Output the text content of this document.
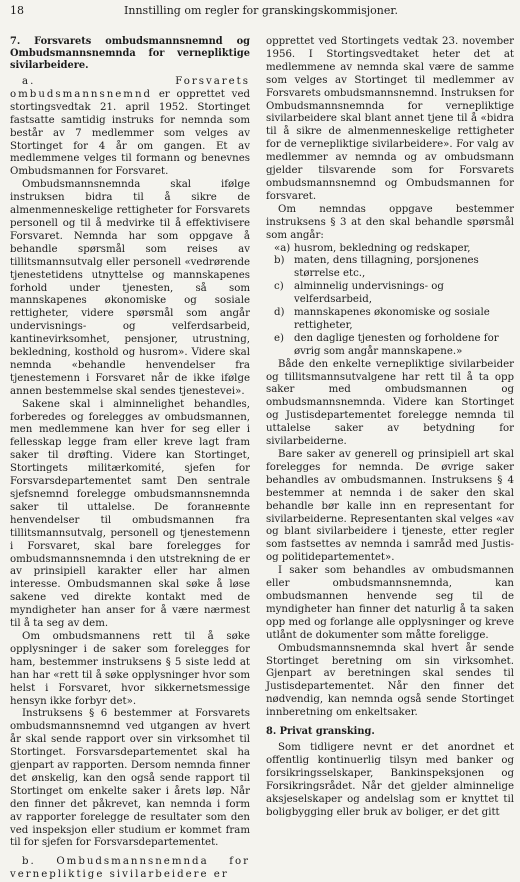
18	Innstilling om regler for granskingskommisjoner.

7. Forsvarets ombudsmannsnemnd og Ombudsmannsnemnda for vernepliktige sivilarbeidere.

a. Forsvarets ombudsmannsnemnd er opprettet ved stortingsvedtak 21. april 1952. Stortinget fastsatte samtidig instruks for nemnda som består av 7 medlemmer som velges av Stortinget for 4 år om gangen. Et av medlemmene velges til formann og benevnes Ombudsmannen for Forsvaret.

Ombudsmannsnemnda skal ifølge instruksen bidra til å sikre de almenmenneskelige rettigheter for Forsvarets personell og til å medvirke til å effektivisere Forsvaret. Nemnda har som oppgave å behandle spørsmål som reises av tillitsmannsutvalg eller personell «vedrørende tjenestetidens utnyttelse og mannskapenes forhold under tjenesten, så som mannskapenes økonomiske og sosiale rettigheter, videre spørsmål som angår undervisnings- og velferdsarbeid, kantinevirksomhet, pensjoner, utrustning, bekledning, kosthold og husrom». Videre skal nemnda «behandle henvendelser fra tjenestemenn i Forsvaret når de ikke ifølge annen bestemmelse skal sendes tjenestevei».

Sakene skal i alminnelighet behandles, forberedes og forelegges av ombudsmannen, men medlemmene kan hver for seg eller i fellesskap legge fram eller kreve lagt fram saker til drøfting. Videre kan Stortinget, Stortingets militærkomité, sjefen for Forsvarsdepartementet samt Den sentrale sjefsnemnd forelegge ombudsmannsnemnda saker til uttalelse. De foranневnte henvendelser til ombudsmannen fra tillitsmannsutvalg, personell og tjenestemenn i Forsvaret, skal bare forelegges for ombudsmannsnemnda i den utstrekning de er av prinsipiell karakter eller har almen interesse. Ombudsmannen skal søke å løse sakene ved direkte kontakt med de myndigheter han anser for å være nærmest til å ta seg av dem.

Om ombudsmannens rett til å søke opplysninger i de saker som forelegges for ham, bestemmer instruksens § 5 siste ledd at han har «rett til å søke opplysninger hvor som helst i Forsvaret, hvor sikkernetsmessige hensyn ikke forbyr det».

Instruksens § 6 bestemmer at Forsvarets ombudsmannsnemnd ved utgangen av hvert år skal sende rapport over sin virksomhet til Stortinget. Forsvarsdepartementet skal ha gjenpart av rapporten. Dersom nemnda finner det ønskelig, kan den også sende rapport til Stortinget om enkelte saker i årets løp. Når den finner det påkrevet, kan nemnda i form av rapporter forelegge de resultater som den ved inspeksjon eller studium er kommet fram til for sjefen for Forsvarsdepartementet.

b. Ombudsmannsnemnda for vernepliktige sivilarbeidere er

opprettet ved Stortingets vedtak 23. november 1956. I Stortingsvedtaket heter det at medlemmene av nemnda skal være de samme som velges av Stortinget til medlemmer av Forsvarets ombudsmannsnemnd. Instruksen for Ombudsmannsnemnda for vernepliktige sivilarbeidere skal blant annet tjene til å «bidra til å sikre de almenmenneskelige rettigheter for de vernepliktige sivilarbeidere». For valg av medlemmer av nemnda og av ombudsmann gjelder tilsvarende som for Forsvarets ombudsmannsnemnd og Ombudsmannen for forsvaret.

Om nemndas oppgave bestemmer instruksens § 3 at den skal behandle spørsmål som angår:

«a) husrom, bekledning og redskaper,
b) maten, dens tillagning, porsjonenes størrelse etc.,
c)	alminnelig undervisnings- og velferdsarbeid,
d) mannskapenes økonomiske og sosiale rettigheter,
e) den daglige tjenesten og forholdene for øvrig som angår mannskapene.»

Både den enkelte vernepliktige sivilarbeider og tillitsmannsutvalgene har rett til å ta opp saker med ombudsmannen og ombudsmannsnemnda. Videre kan Stortinget og Justisdepartementet forelegge nemnda til uttalelse saker av betydning for sivilarbeiderne.

Bare saker av generell og prinsipiell art skal forelegges for nemnda. De øvrige saker behandles av ombudsmannen. Instruksens § 4 bestemmer at nemnda i de saker den skal behandle bør kalle inn en representant for sivilarbeiderne. Representanten skal velges «av og blant sivilarbeidere i tjeneste, etter regler som fastsettes av nemnda i samråd med Justis- og politidepartementet».

I saker som behandles av ombudsmannen eller ombudsmannsnemnda, kan ombudsmannen henvende seg til de myndigheter han finner det naturlig å ta saken opp med og forlange alle opplysninger og kreve utlånt de dokumenter som måtte foreligge.

Ombudsmannsnemnda skal hvert år sende Stortinget beretning om sin virksomhet. Gjenpart av beretningen skal sendes til Justisdepartementet. Når den finner det nødvendig, kan nemnda også sende Stortinget innberetning om enkeltsaker.

8. Privat gransking.

Som tidligere nevnt er det anordnet et offentlig kontinuerlig tilsyn med banker og forsikringsselskaper, Bankinspeksjonen og Forsikringsrådet. Når det gjelder alminnelige aksjeselskaper og andelslag som er knyttet til boligbygging eller bruk av boliger, er det gitt
